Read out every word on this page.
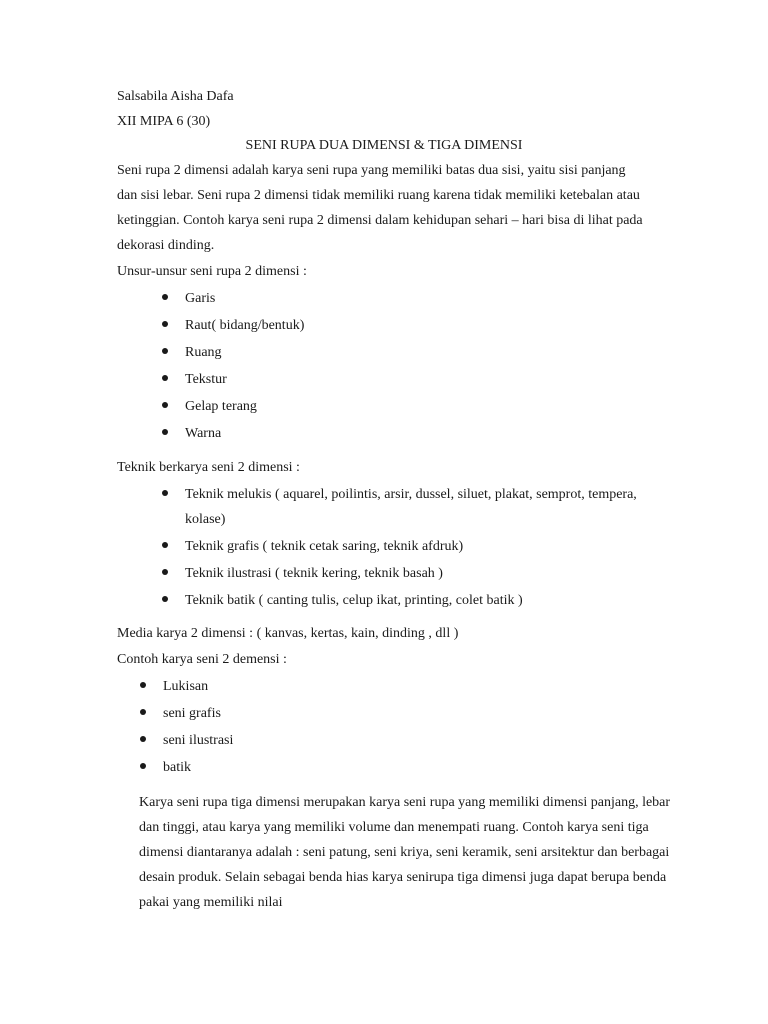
Salsabila Aisha Dafa
XII MIPA 6 (30)
SENI RUPA DUA DIMENSI & TIGA DIMENSI

Seni rupa 2 dimensi adalah karya seni rupa yang memiliki batas dua sisi, yaitu sisi panjang dan sisi lebar. Seni rupa 2 dimensi tidak memiliki ruang karena tidak memiliki ketebalan atau ketinggian. Contoh karya seni rupa 2 dimensi dalam kehidupan sehari – hari bisa di lihat pada dekorasi dinding.

Unsur-unsur seni rupa 2 dimensi :
Garis
Raut( bidang/bentuk)
Ruang
Tekstur
Gelap terang
Warna
Teknik berkarya seni 2 dimensi :
Teknik melukis ( aquarel, poilintis, arsir, dussel, siluet, plakat, semprot, tempera, kolase)
Teknik grafis ( teknik cetak saring, teknik afdruk)
Teknik ilustrasi ( teknik kering, teknik basah )
Teknik batik ( canting tulis, celup ikat, printing, colet batik )
Media karya 2 dimensi : ( kanvas, kertas, kain, dinding , dll )
Contoh karya seni 2 demensi :
Lukisan
seni grafis
seni ilustrasi
batik

Karya seni rupa tiga dimensi merupakan karya seni rupa yang memiliki dimensi panjang, lebar dan tinggi, atau karya yang memiliki volume dan menempati ruang. Contoh karya seni tiga dimensi diantaranya adalah : seni patung, seni kriya, seni keramik, seni arsitektur dan berbagai desain produk. Selain sebagai benda hias karya senirupa tiga dimensi juga dapat berupa benda pakai yang memiliki nilai
